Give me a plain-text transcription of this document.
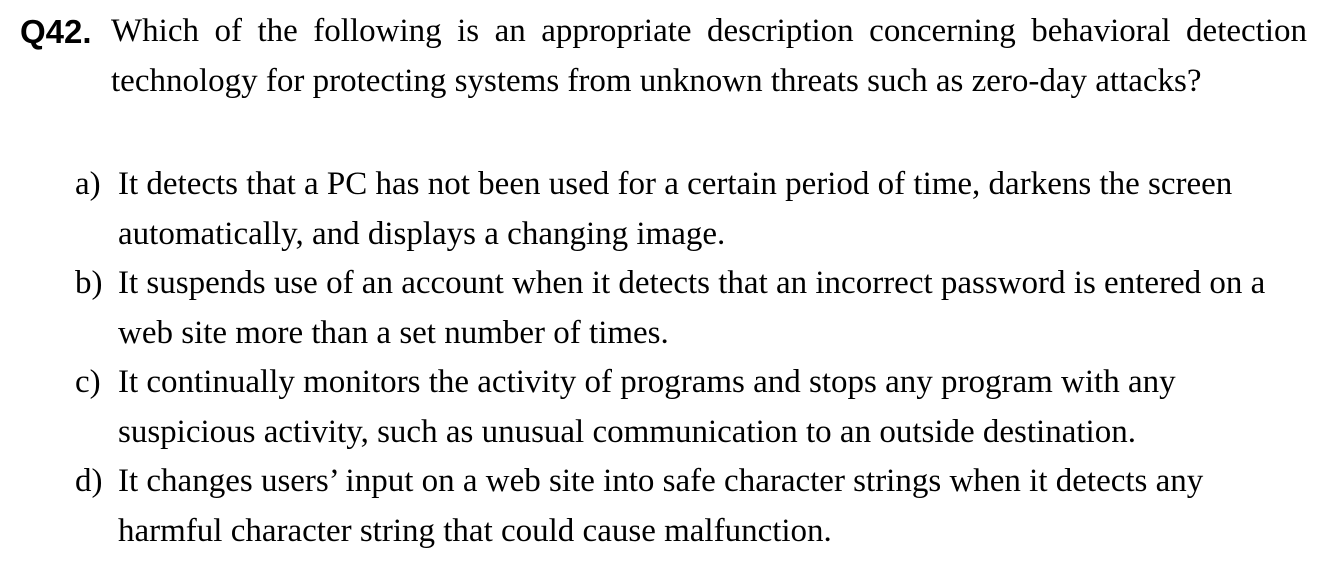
Q42. Which of the following is an appropriate description concerning behavioral detection
technology for protecting systems from unknown threats such as zero-day attacks?
a) It detects that a PC has not been used for a certain period of time, darkens the screen
automatically, and displays a changing image.
b) It suspends use of an account when it detects that an incorrect password is entered on a
web site more than a set number of times.
c) It continually monitors the activity of programs and stops any program with any
suspicious activity, such as unusual communication to an outside destination.
d) It changes users’ input on a web site into safe character strings when it detects any
harmful character string that could cause malfunction.
